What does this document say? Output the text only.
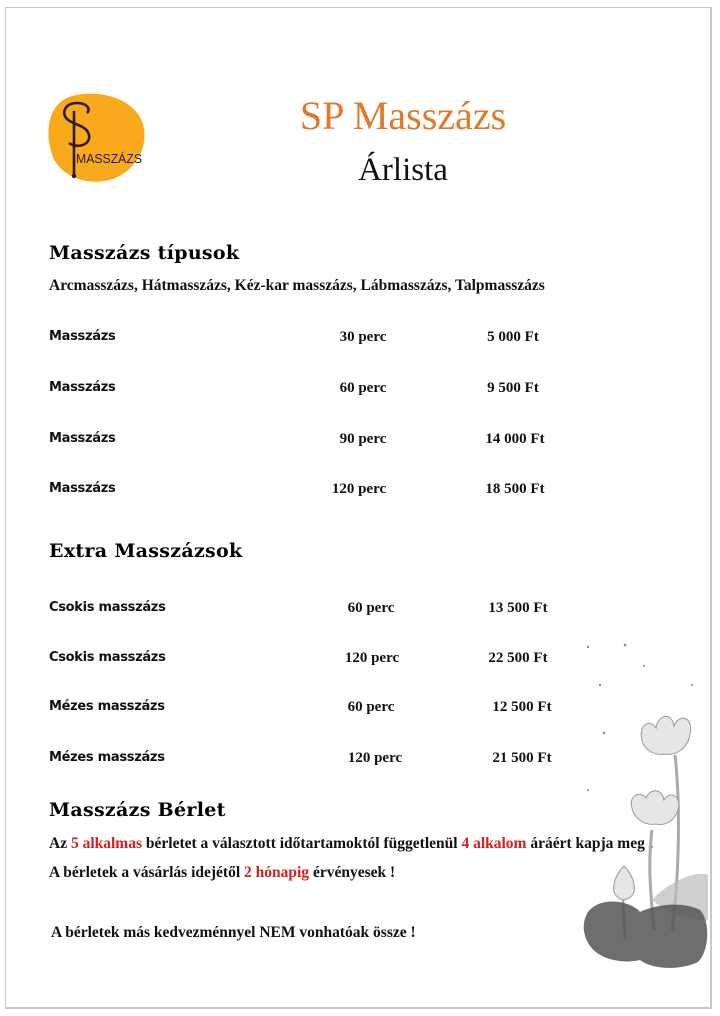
MASSZÁZS
SP Masszázs
Árlista
Masszázs típusok
Arcmasszázs, Hátmasszázs, Kéz-kar masszázs, Lábmasszázs, Talpmasszázs
Masszázs	30 perc	5 000 Ft
Masszázs	60 perc	9 500 Ft
Masszázs	90 perc	14 000 Ft
Masszázs	120 perc	18 500 Ft
Extra Masszázsok
Csokis masszázs	60 perc	13 500 Ft
Csokis masszázs	120 perc	22 500 Ft
Mézes masszázs	60 perc	12 500 Ft
Mézes masszázs	120 perc	21 500 Ft
Masszázs Bérlet
Az 5 alkalmas bérletet a választott időtartamoktól függetlenül 4 alkalom áráért kapja meg !
A bérletek a vásárlás idejétől 2 hónapig érvényesek !
A bérletek más kedvezménnyel NEM vonhatóak össze !
